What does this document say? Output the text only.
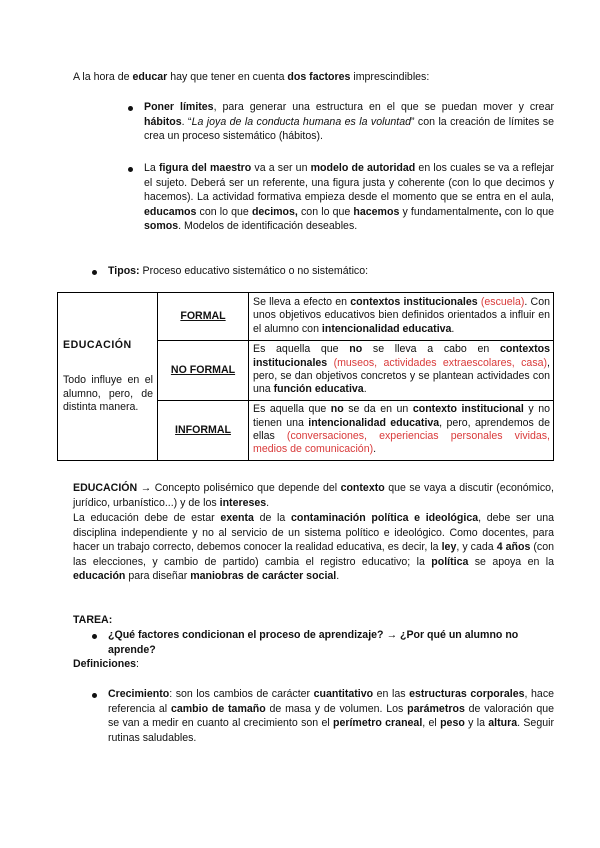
A la hora de educar hay que tener en cuenta dos factores imprescindibles:

Poner límites, para generar una estructura en el que se puedan mover y crear hábitos. “La joya de la conducta humana es la voluntad” con la creación de límites se crea un proceso sistemático (hábitos).

La figura del maestro va a ser un modelo de autoridad en los cuales se va a reflejar el sujeto. Deberá ser un referente, una figura justa y coherente (con lo que decimos y hacemos). La actividad formativa empieza desde el momento que se entra en el aula, educamos con lo que decimos, con lo que hacemos y fundamentalmente, con lo que somos. Modelos de identificación deseables.

Tipos: Proceso educativo sistemático o no sistemático:

EDUCACIÓN
Todo influye en el alumno, pero, de distinta manera.	FORMAL	Se lleva a efecto en contextos institucionales (escuela). Con unos objetivos educativos bien definidos orientados a influir en el alumno con intencionalidad educativa.
	NO FORMAL	Es aquella que no se lleva a cabo en contextos institucionales (museos, actividades extraescolares, casa), pero, se dan objetivos concretos y se plantean actividades con una función educativa.
	INFORMAL	Es aquella que no se da en un contexto institucional y no tienen una intencionalidad educativa, pero, aprendemos de ellas (conversaciones, experiencias personales vividas, medios de comunicación).

EDUCACIÓN → Concepto polisémico que depende del contexto que se vaya a discutir (económico, jurídico, urbanístico...) y de los intereses.

La educación debe de estar exenta de la contaminación política e ideológica, debe ser una disciplina independiente y no al servicio de un sistema político e ideológico. Como docentes, para hacer un trabajo correcto, debemos conocer la realidad educativa, es decir, la ley, y cada 4 años (con las elecciones, y cambio de partido) cambia el registro educativo; la política se apoya en la educación para diseñar maniobras de carácter social.

TAREA:

¿Qué factores condicionan el proceso de aprendizaje? → ¿Por qué un alumno no aprende?

Definiciones:

Crecimiento: son los cambios de carácter cuantitativo en las estructuras corporales, hace referencia al cambio de tamaño de masa y de volumen. Los parámetros de valoración que se van a medir en cuanto al crecimiento son el perímetro craneal, el peso y la altura. Seguir rutinas saludables.
